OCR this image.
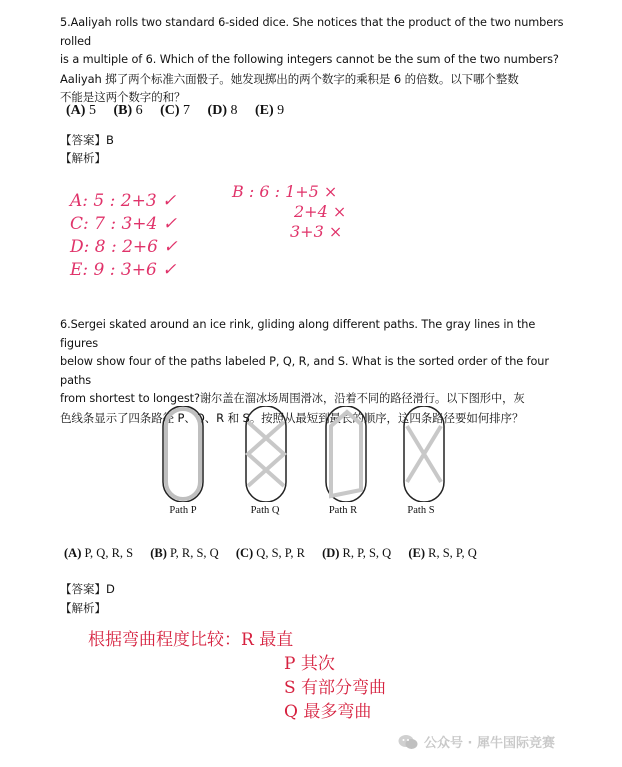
5.Aaliyah rolls two standard 6-sided dice. She notices that the product of the two numbers rolled
is a multiple of 6. Which of the following integers cannot be the sum of the two numbers?
Aaliyah 掷了两个标准六面骰子。她发现掷出的两个数字的乘积是 6 的倍数。以下哪个整数
不能是这两个数字的和？
(A) 5 (B) 6 (C) 7 (D) 8 (E) 9
【答案】B
【解析】
A: 5 : 2+3 ✓
C: 7 : 3+4 ✓
D: 8 : 2+6 ✓
E: 9 : 3+6 ✓
B : 6 : 1+5 ×
2+4 ×
3+3 ×
6.Sergei skated around an ice rink, gliding along different paths. The gray lines in the figures
below show four of the paths labeled P, Q, R, and S. What is the sorted order of the four paths
from shortest to longest?谢尔盖在溜冰场周围滑冰，沿着不同的路径滑行。以下图形中，灰
色线条显示了四条路径 P、Q、R 和 S。按照从最短到最长的顺序，这四条路径要如何排序？
Path P	Path Q	Path R	Path S
(A) P, Q, R, S (B) P, R, S, Q (C) Q, S, P, R (D) R, P, S, Q (E) R, S, P, Q
【答案】D
【解析】
根据弯曲程度比较：R 最直
P 其次
S 有部分弯曲
Q 最多弯曲
公众号 · 犀牛国际竞赛
